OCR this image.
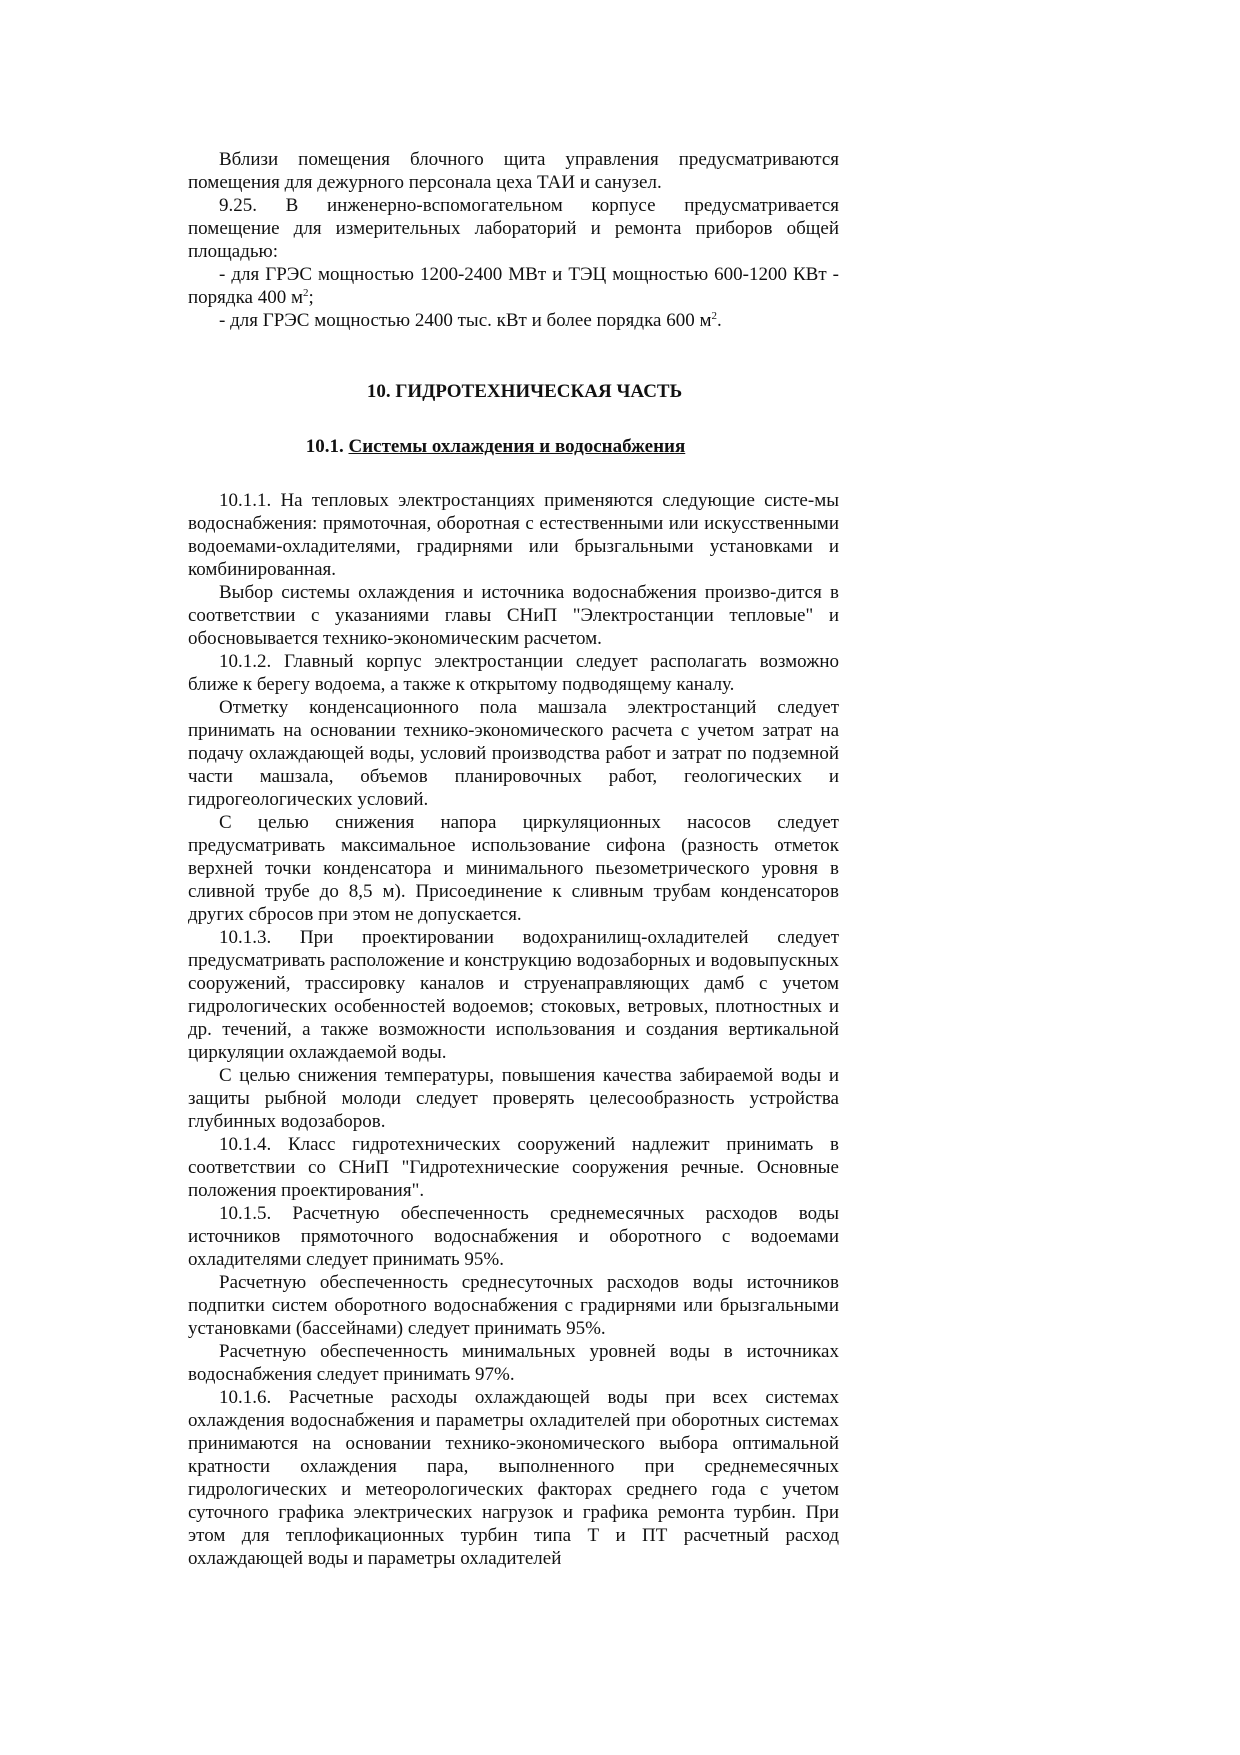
Вблизи помещения блочного щита управления предусматриваются помещения для дежурного персонала цеха ТАИ и санузел.

9.25. В инженерно-вспомогательном корпусе предусматривается помещение для измерительных лабораторий и ремонта приборов общей площадью:

- для ГРЭС мощностью 1200-2400 МВт и ТЭЦ мощностью 600-1200 КВт - порядка 400 $м^2$;

- для ГРЭС мощностью 2400 тыс. кВт и более порядка 600 $м^2$.

10. ГИДРОТЕХНИЧЕСКАЯ ЧАСТЬ

10.1. Системы охлаждения и водоснабжения

10.1.1. На тепловых электростанциях применяются следующие систе-мы водоснабжения: прямоточная, оборотная с естественными или искусственными водоемами-охладителями, градирнями или брызгальными установками и комбинированная.

Выбор системы охлаждения и источника водоснабжения произво-дится в соответствии с указаниями главы СНиП "Электростанции тепловые" и обосновывается технико-экономическим расчетом.

10.1.2. Главный корпус электростанции следует располагать возможно ближе к берегу водоема, а также к открытому подводящему каналу.

Отметку конденсационного пола машзала электростанций следует принимать на основании технико-экономического расчета с учетом затрат на подачу охлаждающей воды, условий производства работ и затрат по подземной части машзала, объемов планировочных работ, геологических и гидрогеологических условий.

С целью снижения напора циркуляционных насосов следует предусматривать максимальное использование сифона (разность отметок верхней точки конденсатора и минимального пьезометрического уровня в сливной трубе до 8,5 м). Присоединение к сливным трубам конденсаторов других сбросов при этом не допускается.

10.1.3. При проектировании водохранилищ-охладителей следует предусматривать расположение и конструкцию водозаборных и водовыпускных сооружений, трассировку каналов и струенаправляющих дамб с учетом гидрологических особенностей водоемов; стоковых, ветровых, плотностных и др. течений, а также возможности использования и создания вертикальной циркуляции охлаждаемой воды.

С целью снижения температуры, повышения качества забираемой воды и защиты рыбной молоди следует проверять целесообразность устройства глубинных водозаборов.

10.1.4. Класс гидротехнических сооружений надлежит принимать в соответствии со СНиП "Гидротехнические сооружения речные. Основные положения проектирования".

10.1.5. Расчетную обеспеченность среднемесячных расходов воды источников прямоточного водоснабжения и оборотного с водоемами охладителями следует принимать 95%.

Расчетную обеспеченность среднесуточных расходов воды источников подпитки систем оборотного водоснабжения с градирнями или брызгальными установками (бассейнами) следует принимать 95%.

Расчетную обеспеченность минимальных уровней воды в источниках водоснабжения следует принимать 97%.

10.1.6. Расчетные расходы охлаждающей воды при всех системах охлаждения водоснабжения и параметры охладителей при оборотных системах принимаются на основании технико-экономического выбора оптимальной кратности охлаждения пара, выполненного при среднемесячных гидрологических и метеорологических факторах среднего года с учетом суточного графика электрических нагрузок и графика ремонта турбин. При этом для теплофикационных турбин типа Т и ПТ расчетный расход охлаждающей воды и параметры охладителей
